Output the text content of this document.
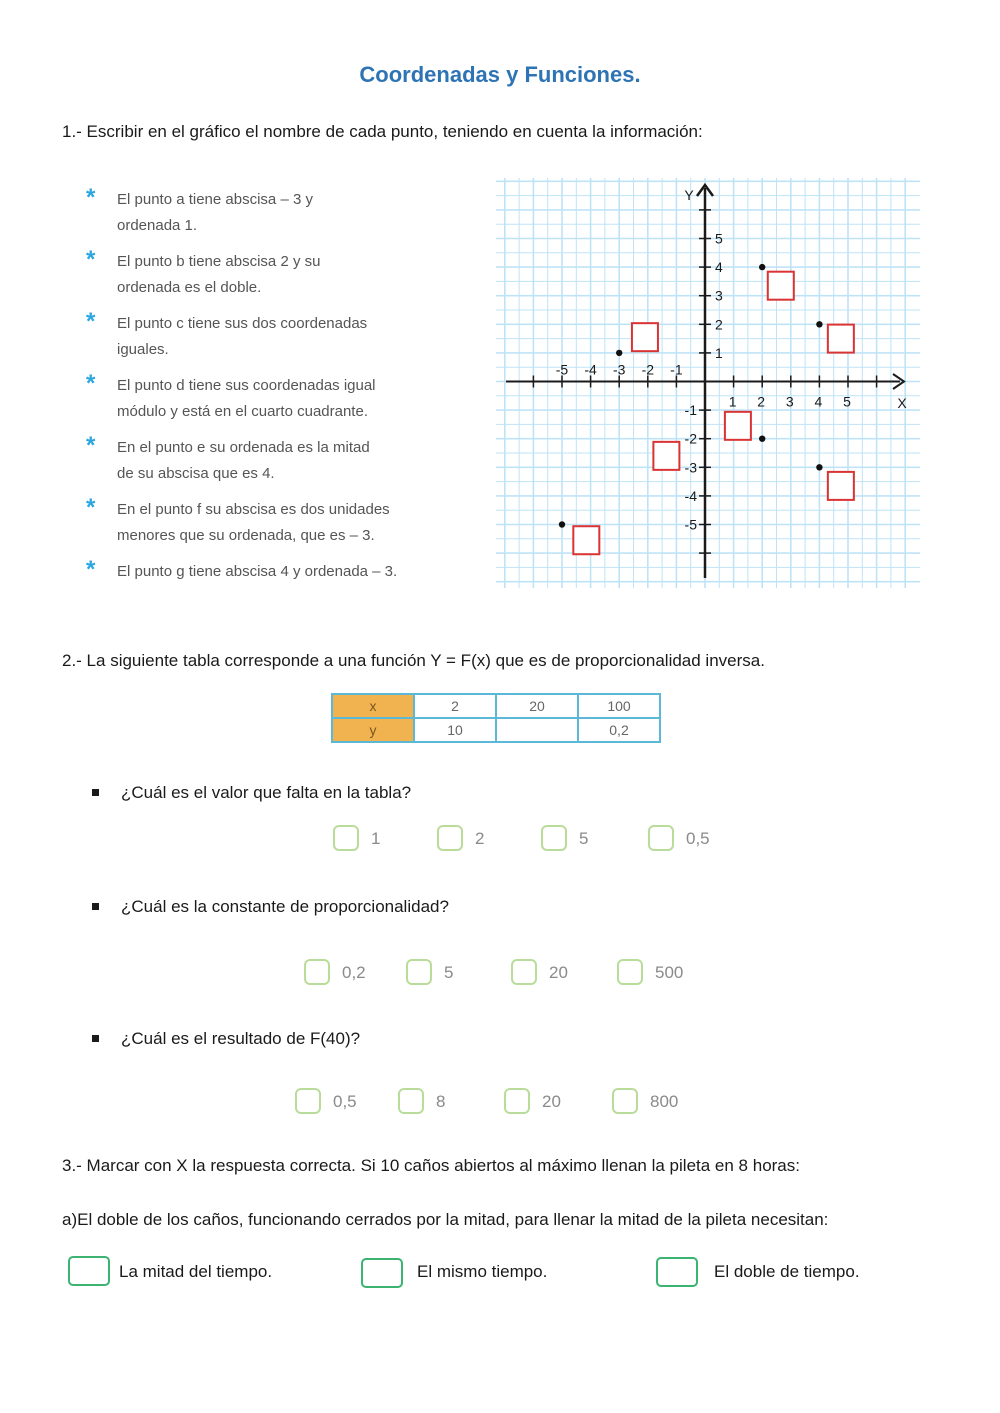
Coordenadas y Funciones.
1.- Escribir en el gráfico el nombre de cada punto, teniendo en cuenta la información:
* El punto a tiene abscisa – 3 y
ordenada 1.
* El punto b tiene abscisa 2 y su
ordenada es el doble.
* El punto c tiene sus dos coordenadas
iguales.
* El punto d tiene sus coordenadas igual
módulo y está en el cuarto cuadrante.
* En el punto e su ordenada es la mitad
de su abscisa que es 4.
* En el punto f su abscisa es dos unidades
menores que su ordenada, que es – 3.
* El punto g tiene abscisa 4 y ordenada – 3.
-5 -4 -3 -2 -1
1 2 3 4 5
5
4
3
2
1
-1
-2
-3
-4
-5
Y
X
2.- La siguiente tabla corresponde a una función Y = F(x) que es de proporcionalidad inversa.
x	2	20	100
y	10		0,2
¿Cuál es el valor que falta en la tabla?
1	2	5	0,5
¿Cuál es la constante de proporcionalidad?
0,2	5	20	500
¿Cuál es el resultado de F(40)?
0,5	8	20	800
3.- Marcar con X la respuesta correcta. Si 10 caños abiertos al máximo llenan la pileta en 8 horas:
a)El doble de los caños, funcionando cerrados por la mitad, para llenar la mitad de la pileta necesitan:
La mitad del tiempo.	El mismo tiempo.	El doble de tiempo.
